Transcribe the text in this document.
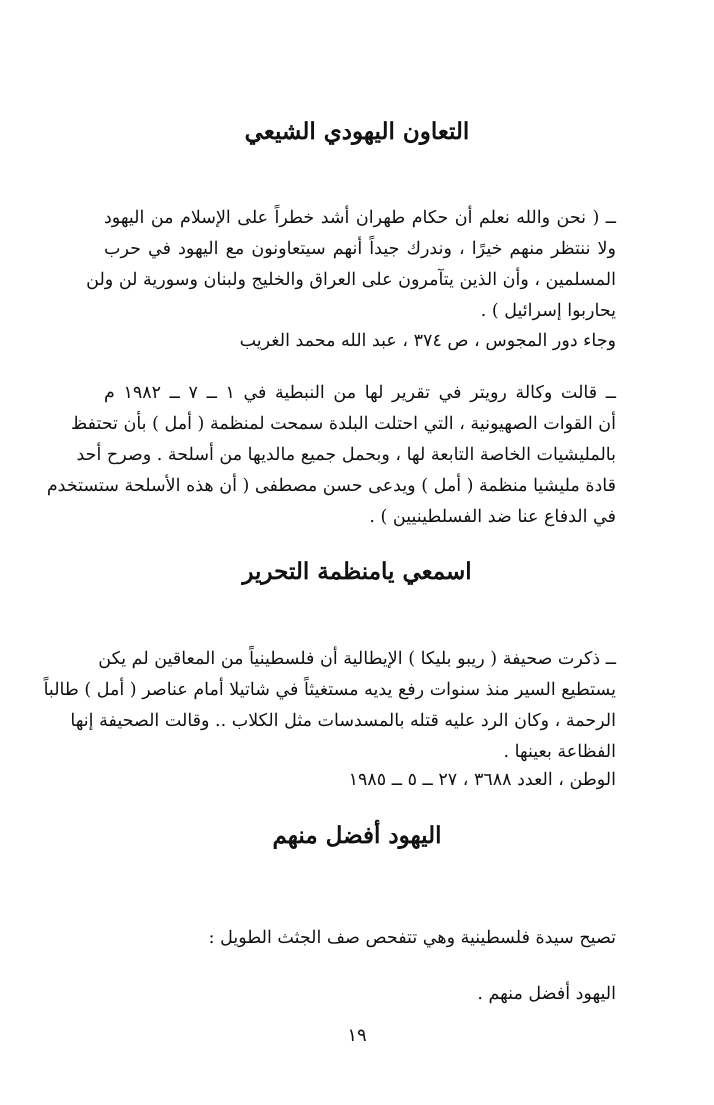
التعاون اليهودي الشيعي
ــ ( نحن والله نعلم أن حكام طهران أشد خطراً على الإسلام من اليهود
ولا ننتظر منهم خيرًا ، وندرك جيداً أنهم سيتعاونون مع اليهود في حرب
المسلمين ، وأن الذين يتآمرون على العراق والخليج ولبنان وسورية لن ولن
يحاربوا إسرائيل ) .
وجاء دور المجوس ، ص ٣٧٤ ، عبد الله محمد الغريب
ــ قالت وكالة رويتر في تقرير لها من النبطية في ١ ــ ٧ ــ ١٩٨٢ م
أن القوات الصهيونية ، التي احتلت البلدة سمحت لمنظمة ( أمل ) بأن تحتفظ
بالمليشيات الخاصة التابعة لها ، وبحمل جميع مالديها من أسلحة . وصرح أحد
قادة مليشيا منظمة ( أمل ) ويدعى حسن مصطفى ( أن هذه الأسلحة ستستخدم
في الدفاع عنا ضد الفسلطينيين ) .
اسمعي يامنظمة التحرير
ــ ذكرت صحيفة ( ريبو بليكا ) الإيطالية أن فلسطينياً من المعاقين لم يكن
يستطيع السير منذ سنوات رفع يديه مستغيثاً في شاتيلا أمام عناصر ( أمل ) طالباً
الرحمة ، وكان الرد عليه قتله بالمسدسات مثل الكلاب .. وقالت الصحيفة إنها
الفظاعة بعينها .
الوطن ، العدد ٣٦٨٨ ، ٢٧ ــ ٥ ــ ١٩٨٥
اليهود أفضل منهم
تصيح سيدة فلسطينية وهي تتفحص صف الجثث الطويل :
اليهود أفضل منهم .
١٩
